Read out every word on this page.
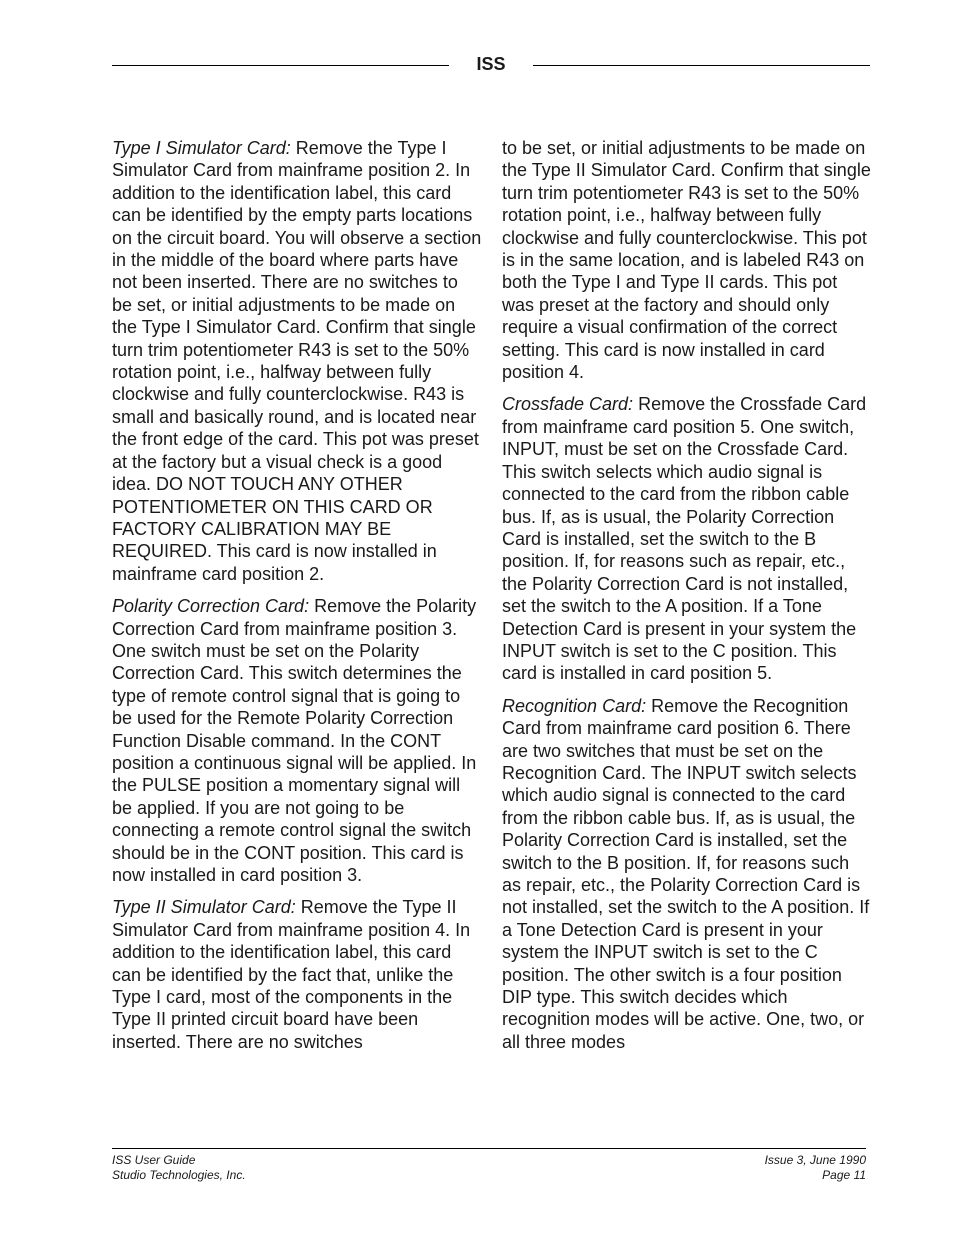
ISS

Type I Simulator Card: Remove the Type I Simulator Card from mainframe position 2. In addition to the identification label, this card can be identified by the empty parts locations on the circuit board. You will observe a section in the middle of the board where parts have not been inserted. There are no switches to be set, or initial adjustments to be made on the Type I Simulator Card. Confirm that single turn trim potentiometer R43 is set to the 50% rotation point, i.e., halfway between fully clockwise and fully counterclockwise. R43 is small and basically round, and is located near the front edge of the card. This pot was preset at the factory but a visual check is a good idea. DO NOT TOUCH ANY OTHER POTENTIOMETER ON THIS CARD OR FACTORY CALIBRATION MAY BE REQUIRED. This card is now installed in mainframe card position 2.

Polarity Correction Card: Remove the Polarity Correction Card from mainframe position 3. One switch must be set on the Polarity Correction Card. This switch determines the type of remote control signal that is going to be used for the Remote Polarity Correction Function Disable command. In the CONT position a continuous signal will be applied. In the PULSE position a momentary signal will be applied. If you are not going to be connecting a remote control signal the switch should be in the CONT position. This card is now installed in card position 3.

Type II Simulator Card: Remove the Type II Simulator Card from mainframe position 4. In addition to the identification label, this card can be identified by the fact that, unlike the Type I card, most of the components in the Type II printed circuit board have been inserted. There are no switches

to be set, or initial adjustments to be made on the Type II Simulator Card. Confirm that single turn trim potentiometer R43 is set to the 50% rotation point, i.e., halfway between fully clockwise and fully counterclockwise. This pot is in the same location, and is labeled R43 on both the Type I and Type II cards. This pot was preset at the factory and should only require a visual confirmation of the correct setting. This card is now installed in card position 4.

Crossfade Card: Remove the Crossfade Card from mainframe card position 5. One switch, INPUT, must be set on the Crossfade Card. This switch selects which audio signal is connected to the card from the ribbon cable bus. If, as is usual, the Polarity Correction Card is installed, set the switch to the B position. If, for reasons such as repair, etc., the Polarity Correction Card is not installed, set the switch to the A position. If a Tone Detection Card is present in your system the INPUT switch is set to the C position. This card is installed in card position 5.

Recognition Card: Remove the Recognition Card from mainframe card position 6. There are two switches that must be set on the Recognition Card. The INPUT switch selects which audio signal is connected to the card from the ribbon cable bus. If, as is usual, the Polarity Correction Card is installed, set the switch to the B position. If, for reasons such as repair, etc., the Polarity Correction Card is not installed, set the switch to the A position. If a Tone Detection Card is present in your system the INPUT switch is set to the C position. The other switch is a four position DIP type. This switch decides which recognition modes will be active. One, two, or all three modes

ISS User Guide
Studio Technologies, Inc.
Issue 3, June 1990
Page 11
